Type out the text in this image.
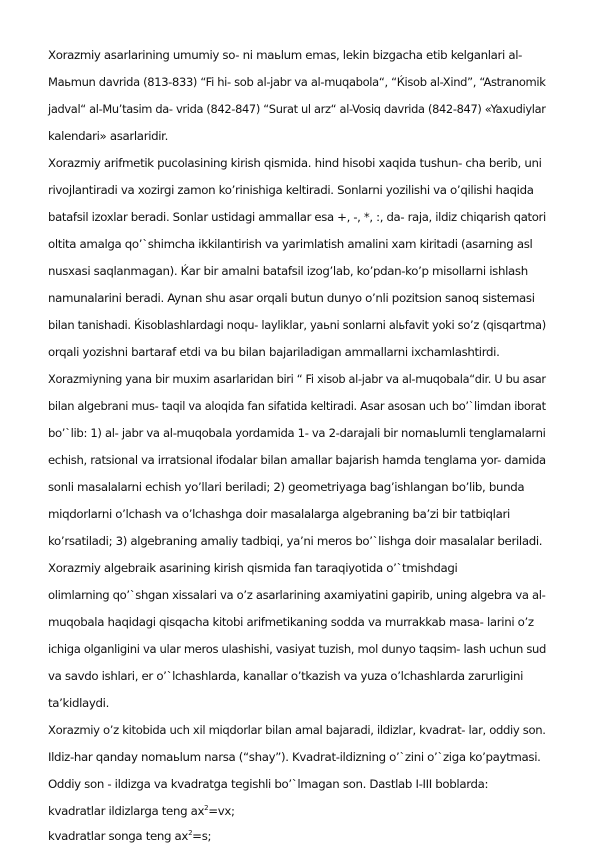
Xorazmiy asarlarining umumiy so- ni maьlum emas, lekin bizgacha etib kelganlari al-
Maьmun davrida (813-833) “Fi hi- sob al-jabr va al-muqabola“, “Ќisob al-Xind”, “Astranomik
jadval“ al-Mu’tasim da- vrida (842-847) “Surat ul arz“ al-Vosiq davrida (842-847) «Yaxudiylar
kalendari» asarlaridir.
Xorazmiy arifmetik pucolasining kirish qismida. hind hisobi xaqida tushun- cha berib, uni
rivojlantiradi va xozirgi zamon ko’rinishiga keltiradi. Sonlarni yozilishi va o’qilishi haqida
batafsil izoxlar beradi. Sonlar ustidagi ammallar esa +, -, *, :, da- raja, ildiz chiqarish qatori
oltita amalga qo’`shimcha ikkilantirish va yarimlatish amalini xam kiritadi (asarning asl
nusxasi saqlanmagan). Ќar bir amalni batafsil izog’lab, ko’pdan-ko’p misollarni ishlash
namunalarini beradi. Aynan shu asar orqali butun dunyo o’nli pozitsion sanoq sistemasi
bilan tanishadi. Ќisoblashlardagi noqu- layliklar, yaьni sonlarni alьfavit yoki so’z (qisqartma)
orqali yozishni bartaraf etdi va bu bilan bajariladigan ammallarni ixchamlashtirdi.
Xorazmiyning yana bir muxim asarlaridan biri “ Fi xisob al-jabr va al-muqobala“dir. U bu asar
bilan algebrani mus- taqil va aloqida fan sifatida keltiradi. Asar asosan uch bo’`limdan iborat
bo’`lib: 1) al- jabr va al-muqobala yordamida 1- va 2-darajali bir nomaьlumli tenglamalarni
echish, ratsional va irratsional ifodalar bilan amallar bajarish hamda tenglama yor- damida
sonli masalalarni echish yo’llari beriladi; 2) geometriyaga bag’ishlangan bo’lib, bunda
miqdorlarni o’lchash va o’lchashga doir masalalarga algebraning ba’zi bir tatbiqlari
ko’rsatiladi; 3) algebraning amaliy tadbiqi, ya’ni meros bo’`lishga doir masalalar beriladi.
Xorazmiy algebraik asarining kirish qismida fan taraqiyotida o’`tmishdagi
olimlarning qo’`shgan xissalari va o’z asarlarining axamiyatini gapirib, uning algebra va al-
muqobala haqidagi qisqacha kitobi arifmetikaning sodda va murrakkab masa- larini o’z
ichiga olganligini va ular meros ulashishi, vasiyat tuzish, mol dunyo taqsim- lash uchun sud
va savdo ishlari, er o’`lchashlarda, kanallar o’tkazish va yuza o’lchashlarda zarurligini
ta’kidlaydi.
Xorazmiy o’z kitobida uch xil miqdorlar bilan amal bajaradi, ildizlar, kvadrat- lar, oddiy son.
Ildiz-har qanday nomaьlum narsa (“shay”). Kvadrat-ildizning o’`zini o’`ziga ko’paytmasi.
Oddiy son - ildizga va kvadratga tegishli bo’`lmagan son. Dastlab I-III boblarda:
kvadratlar ildizlarga teng $ax^2=vx$;
kvadratlar songa teng $ax^2=s$;
